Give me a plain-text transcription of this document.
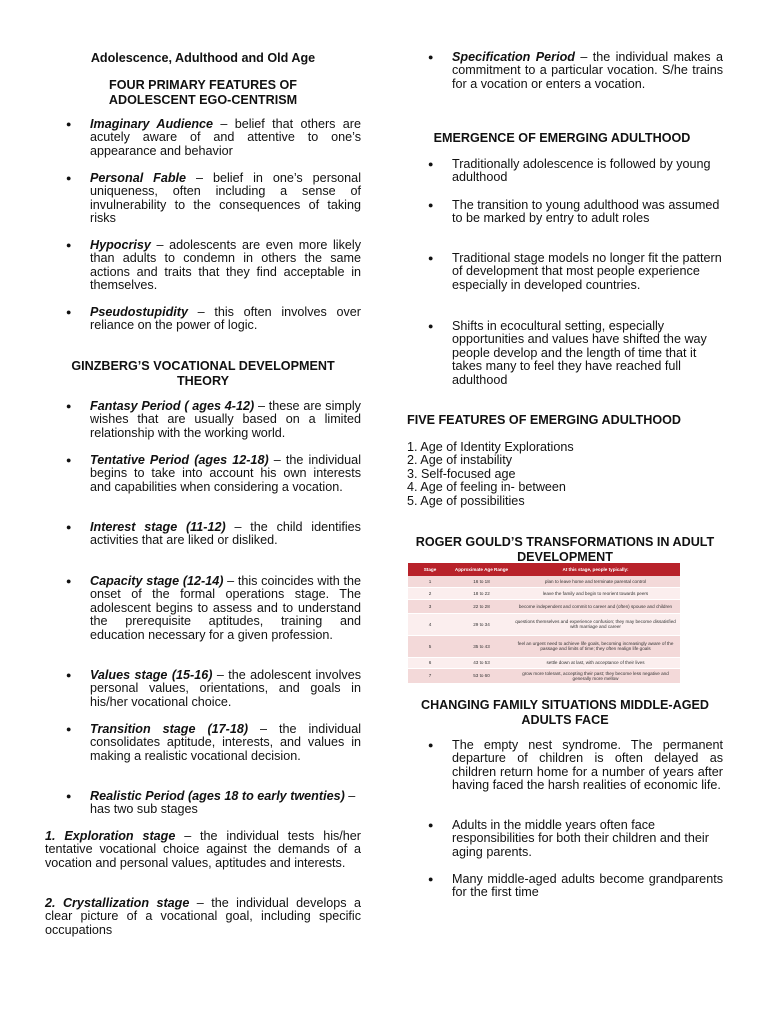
Adolescence, Adulthood and Old Age
FOUR PRIMARY FEATURES OF ADOLESCENT EGO-CENTRISM
● Imaginary Audience – belief that others are acutely aware of and attentive to one’s appearance and behavior
● Personal Fable – belief in one’s personal uniqueness, often including a sense of invulnerability to the consequences of taking risks
● Hypocrisy – adolescents are even more likely than adults to condemn in others the same actions and traits that they find acceptable in themselves.
● Pseudostupidity – this often involves over reliance on the power of logic.
GINZBERG’S VOCATIONAL DEVELOPMENT THEORY
● Fantasy Period ( ages 4-12) – these are simply wishes that are usually based on a limited relationship with the working world.
● Tentative Period (ages 12-18) – the individual begins to take into account his own interests and capabilities when considering a vocation.
● Interest stage (11-12) – the child identifies activities that are liked or disliked.
● Capacity stage (12-14) – this coincides with the onset of the formal operations stage. The adolescent begins to assess and to understand the prerequisite aptitudes, training and education necessary for a given profession.
● Values stage (15-16) – the adolescent involves personal values, orientations, and goals in his/her vocational choice.
● Transition stage (17-18) – the individual consolidates aptitude, interests, and values in making a realistic vocational decision.
● Realistic Period (ages 18 to early twenties) – has two sub stages
1. Exploration stage – the individual tests his/her tentative vocational choice against the demands of a vocation and personal values, aptitudes and interests.
2. Crystallization stage – the individual develops a clear picture of a vocational goal, including specific occupations
● Specification Period – the individual makes a commitment to a particular vocation. S/he trains for a vocation or enters a vocation.
EMERGENCE OF EMERGING ADULTHOOD
● Traditionally adolescence is followed by young adulthood
● The transition to young adulthood was assumed to be marked by entry to adult roles
● Traditional stage models no longer fit the pattern of development that most people experience especially in developed countries.
● Shifts in ecocultural setting, especially opportunities and values have shifted the way people develop and the length of time that it takes many to feel they have reached full adulthood
FIVE FEATURES OF EMERGING ADULTHOOD
1. Age of Identity Explorations
2. Age of instability
3. Self-focused age
4. Age of feeling in- between
5. Age of possibilities
ROGER GOULD’S TRANSFORMATIONS IN ADULT DEVELOPMENT
CHANGING FAMILY SITUATIONS MIDDLE-AGED ADULTS FACE
● The empty nest syndrome. The permanent departure of children is often delayed as children return home for a number of years after having faced the harsh realities of economic life.
● Adults in the middle years often face responsibilities for both their children and their aging parents.
● Many middle-aged adults become grandparents for the first time
Stage	Approximate Age Range	At this stage, people typically:
1	16 to 18	plan to leave home and terminate parental control
2	18 to 22	leave the family and begin to reorient towards peers
3	22 to 28	become independent and commit to career and (often) spouse and children
4	29 to 34	questions themselves and experience confusion; they may become dissatisfied with marriage and career
5	35 to 43	feel an urgent need to achieve life goals, becoming increasingly aware of the passage and limits of time; they often realign life goals
6	43 to 53	settle down at last, with acceptance of their lives
7	53 to 60	grow more tolerant, accepting their past; they become less negative and generally more mellow
